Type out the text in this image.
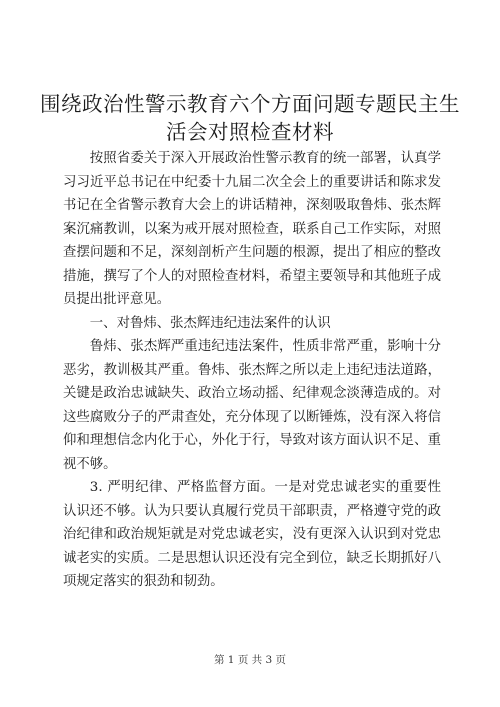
围绕政治性警示教育六个方面问题专题民主生活会对照检查材料

按照省委关于深入开展政治性警示教育的统一部署，认真学习习近平总书记在中纪委十九届二次全会上的重要讲话和陈求发书记在全省警示教育大会上的讲话精神，深刻吸取鲁炜、张杰辉案沉痛教训，以案为戒开展对照检查，联系自己工作实际，对照查摆问题和不足，深刻剖析产生问题的根源，提出了相应的整改措施，撰写了个人的对照检查材料，希望主要领导和其他班子成员提出批评意见。

一、对鲁炜、张杰辉违纪违法案件的认识

鲁炜、张杰辉严重违纪违法案件，性质非常严重，影响十分恶劣，教训极其严重。鲁炜、张杰辉之所以走上违纪违法道路，关键是政治忠诚缺失、政治立场动摇、纪律观念淡薄造成的。对这些腐败分子的严肃查处，充分体现了以断锤炼，没有深入将信仰和理想信念内化于心，外化于行，导致对该方面认识不足、重视不够。

3. 严明纪律、严格监督方面。一是对党忠诚老实的重要性认识还不够。认为只要认真履行党员干部职责，严格遵守党的政治纪律和政治规矩就是对党忠诚老实，没有更深入认识到对党忠诚老实的实质。二是思想认识还没有完全到位，缺乏长期抓好八项规定落实的狠劲和韧劲。

第 1 页 共 3 页
